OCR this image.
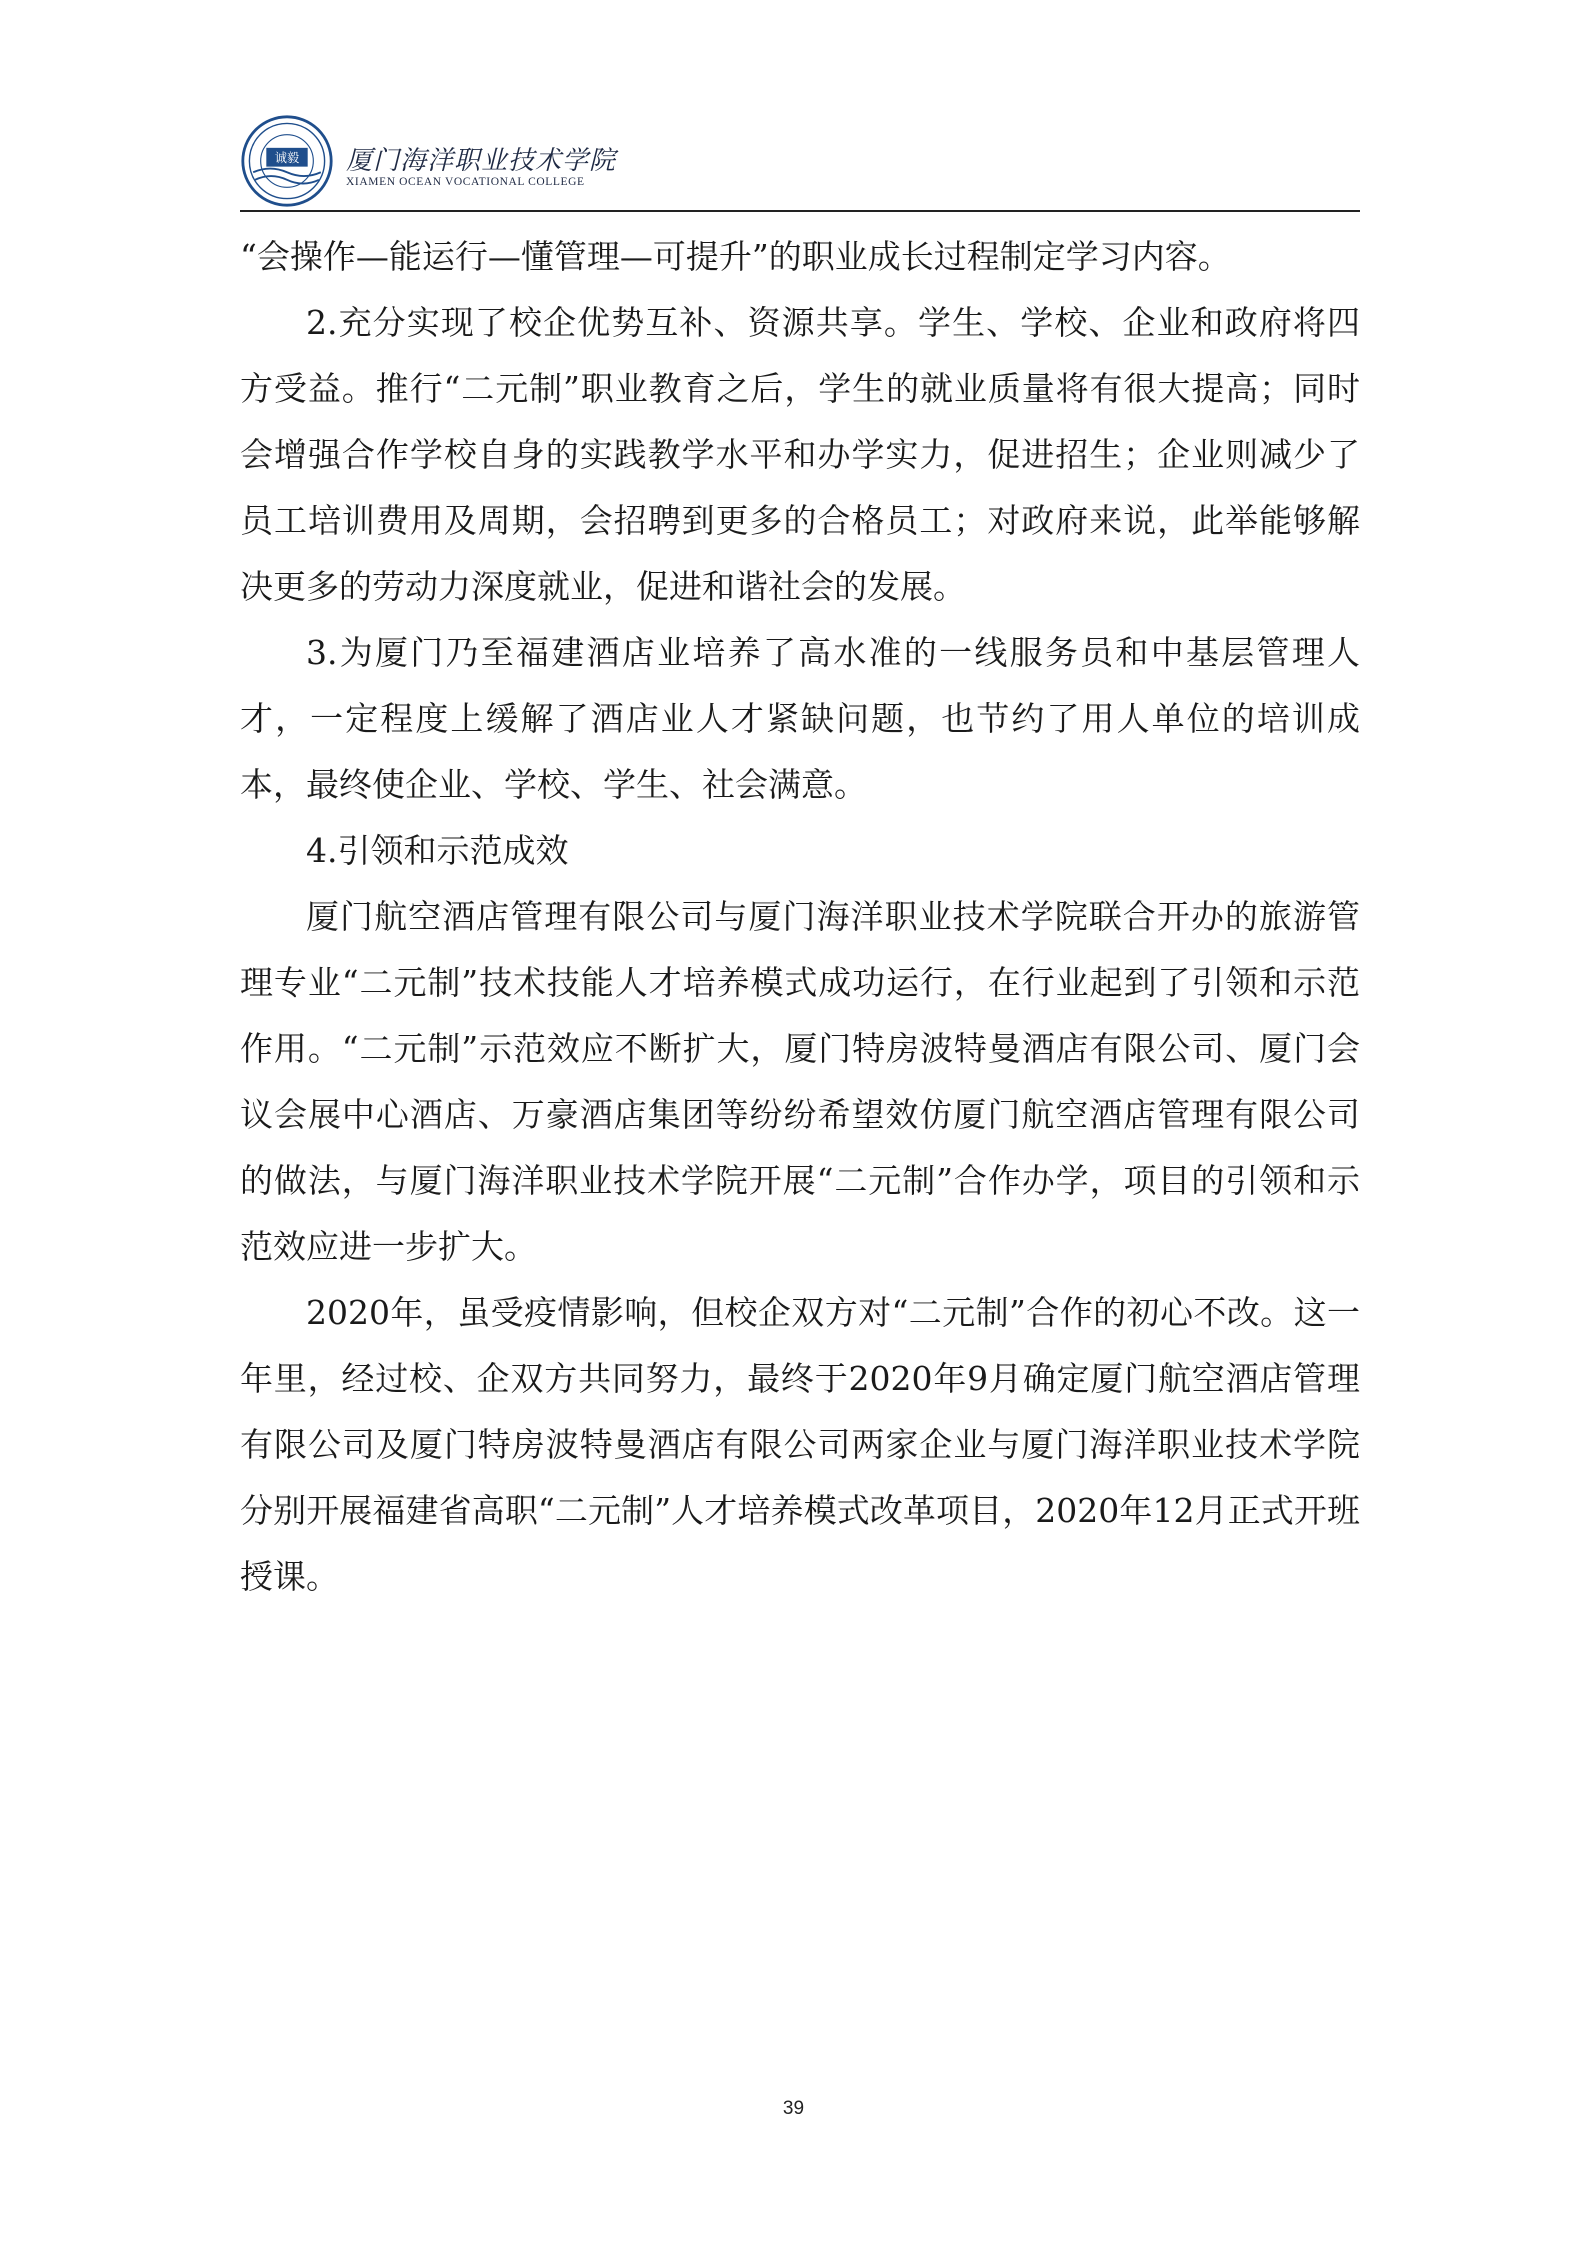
诚毅 厦门海洋职业技术学院
XIAMEN OCEAN VOCATIONAL COLLEGE

“会操作—能运行—懂管理—可提升”的职业成长过程制定学习内容。

2.充分实现了校企优势互补、资源共享。学生、学校、企业和政府将四方受益。推行“二元制”职业教育之后，学生的就业质量将有很大提高；同时会增强合作学校自身的实践教学水平和办学实力，促进招生；企业则减少了员工培训费用及周期，会招聘到更多的合格员工；对政府来说，此举能够解决更多的劳动力深度就业，促进和谐社会的发展。

3.为厦门乃至福建酒店业培养了高水准的一线服务员和中基层管理人才，一定程度上缓解了酒店业人才紧缺问题，也节约了用人单位的培训成本，最终使企业、学校、学生、社会满意。

4.引领和示范成效

厦门航空酒店管理有限公司与厦门海洋职业技术学院联合开办的旅游管理专业“二元制”技术技能人才培养模式成功运行，在行业起到了引领和示范作用。“二元制”示范效应不断扩大，厦门特房波特曼酒店有限公司、厦门会议会展中心酒店、万豪酒店集团等纷纷希望效仿厦门航空酒店管理有限公司的做法，与厦门海洋职业技术学院开展“二元制”合作办学，项目的引领和示范效应进一步扩大。

2020年，虽受疫情影响，但校企双方对“二元制”合作的初心不改。这一年里，经过校、企双方共同努力，最终于2020年9月确定厦门航空酒店管理有限公司及厦门特房波特曼酒店有限公司两家企业与厦门海洋职业技术学院分别开展福建省高职“二元制”人才培养模式改革项目，2020年12月正式开班授课。

39
